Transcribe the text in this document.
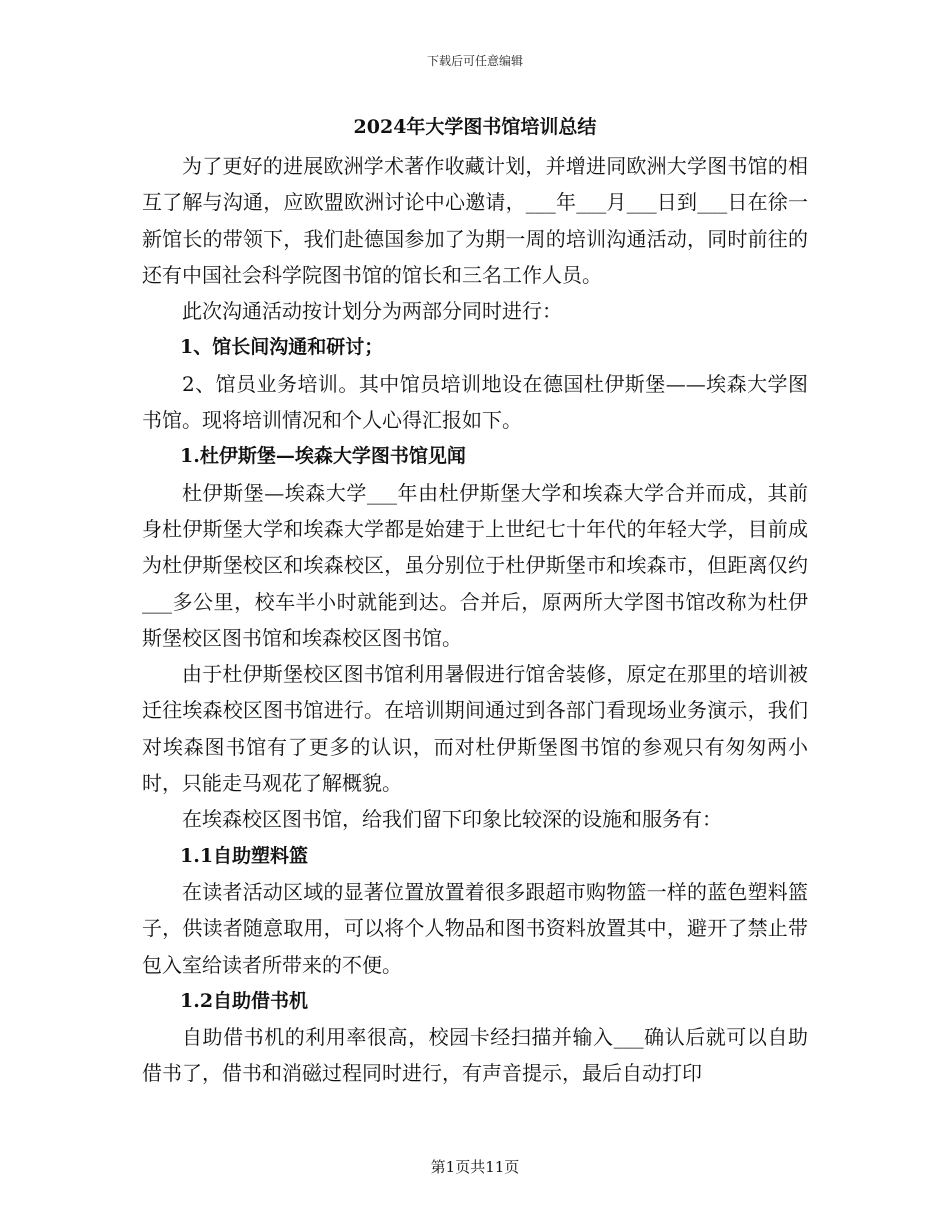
下载后可任意编辑
2024年大学图书馆培训总结
为了更好的进展欧洲学术著作收藏计划，并增进同欧洲大学图书馆的相互了解与沟通，应欧盟欧洲讨论中心邀请，___年___月___日到___日在徐一新馆长的带领下，我们赴德国参加了为期一周的培训沟通活动，同时前往的还有中国社会科学院图书馆的馆长和三名工作人员。
此次沟通活动按计划分为两部分同时进行：
1、馆长间沟通和研讨；
2、馆员业务培训。其中馆员培训地设在德国杜伊斯堡——埃森大学图书馆。现将培训情况和个人心得汇报如下。
1.杜伊斯堡—埃森大学图书馆见闻
杜伊斯堡—埃森大学___年由杜伊斯堡大学和埃森大学合并而成，其前身杜伊斯堡大学和埃森大学都是始建于上世纪七十年代的年轻大学，目前成为杜伊斯堡校区和埃森校区，虽分别位于杜伊斯堡市和埃森市，但距离仅约___多公里，校车半小时就能到达。合并后，原两所大学图书馆改称为杜伊斯堡校区图书馆和埃森校区图书馆。
由于杜伊斯堡校区图书馆利用暑假进行馆舍装修，原定在那里的培训被迁往埃森校区图书馆进行。在培训期间通过到各部门看现场业务演示，我们对埃森图书馆有了更多的认识，而对杜伊斯堡图书馆的参观只有匆匆两小时，只能走马观花了解概貌。
在埃森校区图书馆，给我们留下印象比较深的设施和服务有：
1.1自助塑料篮
在读者活动区域的显著位置放置着很多跟超市购物篮一样的蓝色塑料篮子，供读者随意取用，可以将个人物品和图书资料放置其中，避开了禁止带包入室给读者所带来的不便。
1.2自助借书机
自助借书机的利用率很高，校园卡经扫描并输入___确认后就可以自助借书了，借书和消磁过程同时进行，有声音提示，最后自动打印
第1页共11页
